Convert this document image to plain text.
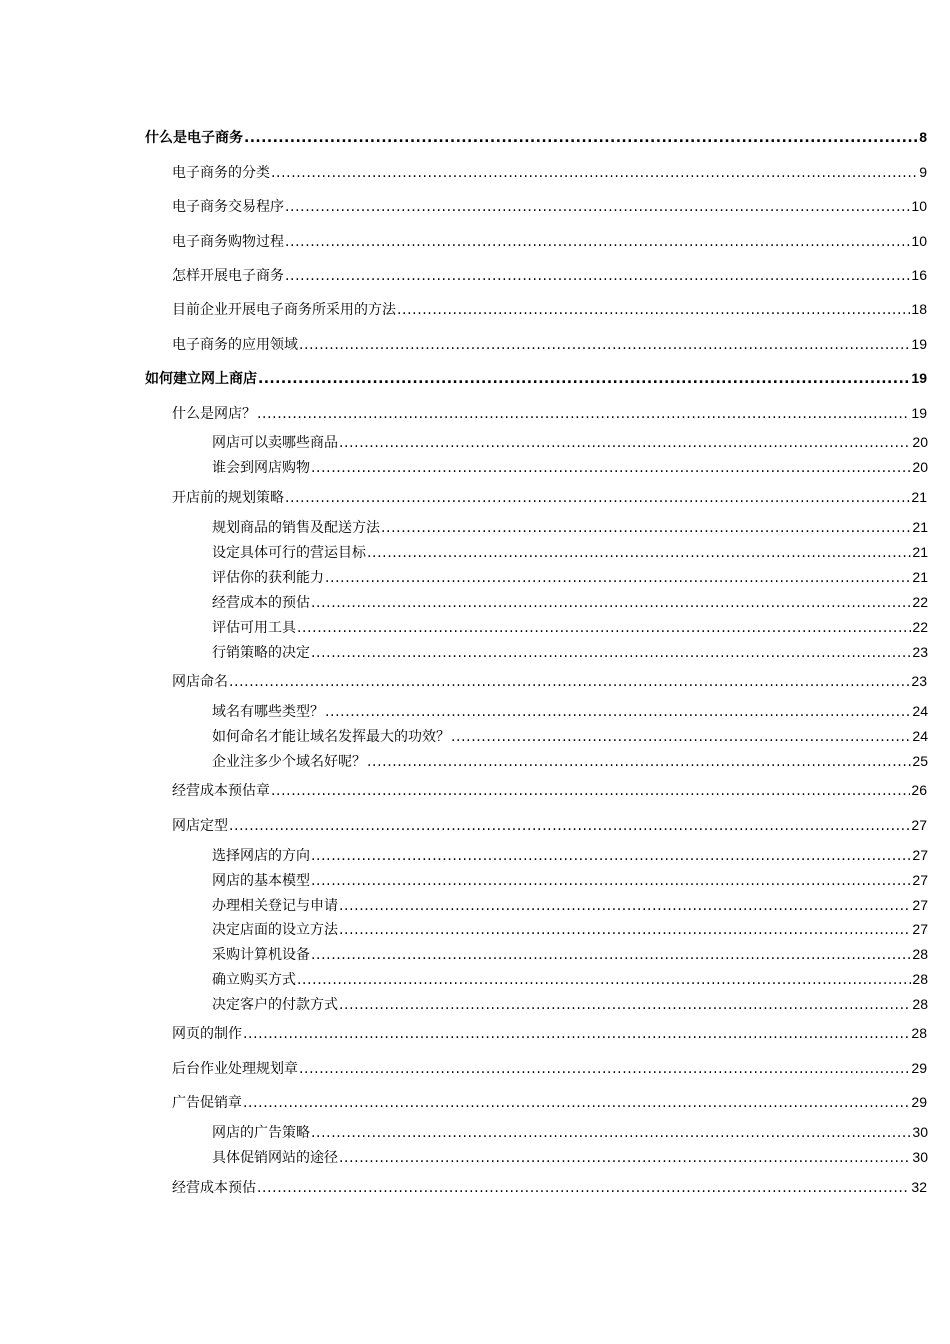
什么是电子商务 .....	8
电子商务的分类 .....	9
电子商务交易程序 .....	10
电子商务购物过程 .....	10
怎样开展电子商务 .....	16
目前企业开展电子商务所采用的方法 .....	18
电子商务的应用领域 .....	19
如何建立网上商店 .....	19
什么是网店？ .....	19
网店可以卖哪些商品 .....	20
谁会到网店购物 .....	20
开店前的规划策略 .....	21
规划商品的销售及配送方法 .....	21
设定具体可行的营运目标 .....	21
评估你的获利能力 .....	21
经营成本的预估 .....	22
评估可用工具 .....	22
行销策略的决定 .....	23
网店命名 .....	23
域名有哪些类型？ .....	24
如何命名才能让域名发挥最大的功效？ .....	24
企业注多少个域名好呢？ .....	25
经营成本预估章 .....	26
网店定型 .....	27
选择网店的方向 .....	27
网店的基本模型 .....	27
办理相关登记与申请 .....	27
决定店面的设立方法 .....	27
采购计算机设备 .....	28
确立购买方式 .....	28
决定客户的付款方式 .....	28
网页的制作 .....	28
后台作业处理规划章 .....	29
广告促销章 .....	29
网店的广告策略 .....	30
具体促销网站的途径 .....	30
经营成本预估 .....	32
